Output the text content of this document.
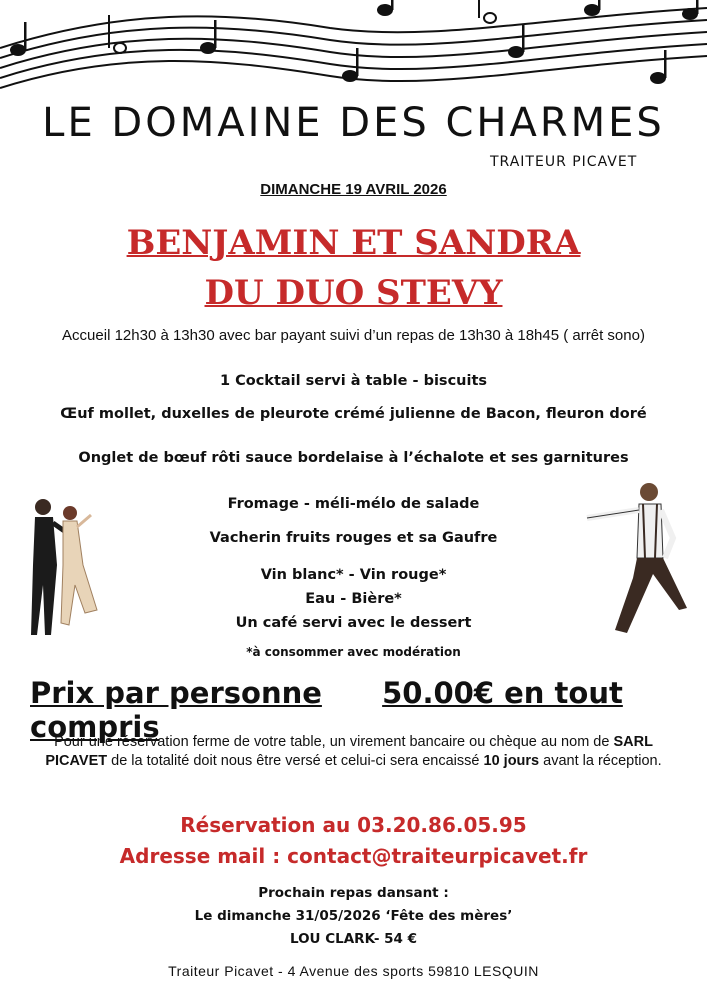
LE DOMAINE DES CHARMES
TRAITEUR PICAVET
DIMANCHE 19 AVRIL 2026
BENJAMIN ET SANDRA
DU DUO STEVY
Accueil 12h30 à 13h30 avec bar payant suivi d’un repas de 13h30 à 18h45 ( arrêt sono)
1 Cocktail servi à table - biscuits
Œuf mollet, duxelles de pleurote crémé julienne de Bacon, fleuron doré
Onglet de bœuf rôti sauce bordelaise à l’échalote et ses garnitures
Fromage - méli-mélo de salade
Vacherin fruits rouges et sa Gaufre
Vin blanc* - Vin rouge*
Eau - Bière*
Un café servi avec le dessert
*à consommer avec modération
Prix par personne 50.00€ en tout compris
Pour une réservation ferme de votre table, un virement bancaire ou chèque au nom de SARL PICAVET de la totalité doit nous être versé et celui-ci sera encaissé 10 jours avant la réception.
Réservation au 03.20.86.05.95
Adresse mail : contact@traiteurpicavet.fr
Prochain repas dansant :
Le dimanche 31/05/2026 ‘Fête des mères’
LOU CLARK- 54 €
Traiteur Picavet - 4 Avenue des sports 59810 LESQUIN
